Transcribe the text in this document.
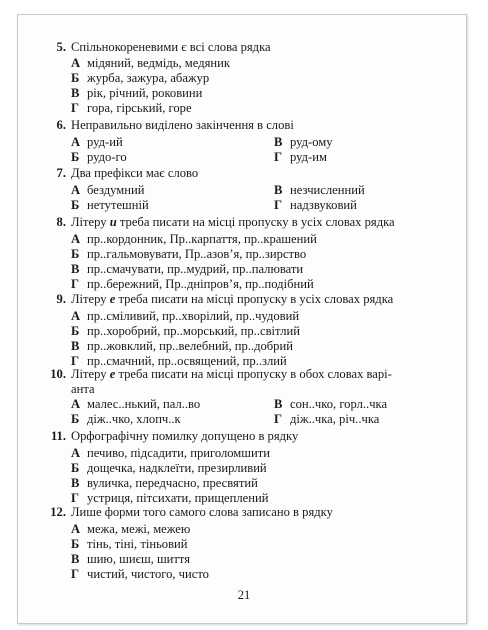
5. Спільнокореневими є всі слова рядка
А мідяний, ведмідь, медяник
Б журба, зажура, абажур
В рік, річний, роковини
Г гора, гірський, горе
6. Неправильно виділено закінчення в слові
А руд-ий	В руд-ому
Б рудо-го	Г руд-им
7. Два префікси має слово
А бездумний	В незчисленний
Б нетутешній	Г надзвуковий
8. Літеру и треба писати на місці пропуску в усіх словах рядка
А пр..кордонник, Пр..карпаття, пр..крашений
Б пр..гальмовувати, Пр..азов’я, пр..зирство
В пр..смачувати, пр..мудрий, пр..палювати
Г пр..бережний, Пр..дніпров’я, пр..подібний
9. Літеру е треба писати на місці пропуску в усіх словах рядка
А пр..сміливий, пр..хворілий, пр..чудовий
Б пр..хоробрий, пр..морський, пр..світлий
В пр..жовклий, пр..велебний, пр..добрий
Г пр..смачний, пр..освящений, пр..злий
10. Літеру е треба писати на місці пропуску в обох словах варі-
анта
А малес..нький, пал..во	В сон..чко, горл..чка
Б діж..чко, хлопч..к	Г діж..чка, річ..чка
11. Орфографічну помилку допущено в рядку
А печиво, підсадити, приголомшити
Б дощечка, надклеїти, презирливий
В вуличка, передчасно, пресвятий
Г устриця, пітсихати, прищеплений
12. Лише форми того самого слова записано в рядку
А межа, межі, межею
Б тінь, тіні, тіньовий
В шию, шиєш, шиття
Г чистий, чистого, чисто
21
